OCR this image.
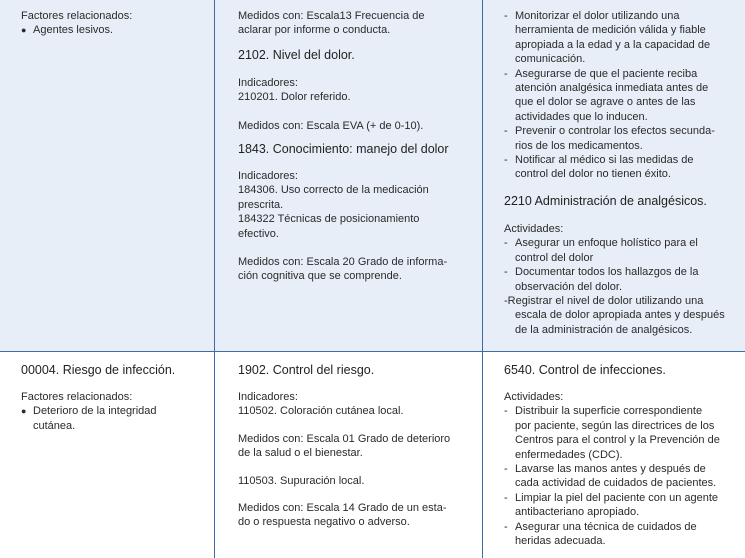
Factores relacionados:

● Agentes lesivos.

Medidos con: Escala13 Frecuencia de
aclarar por informe o conducta.

2102. Nivel del dolor.

Indicadores:

210201. Dolor referido.

Medidos con: Escala EVA (+ de 0-10).

1843. Conocimiento: manejo del dolor

Indicadores:

184306. Uso correcto de la medicación
prescrita.

184322 Técnicas de posicionamiento
efectivo.

Medidos con: Escala 20 Grado de informa-
ción cognitiva que se comprende.

- Monitorizar el dolor utilizando una
herramienta de medición válida y fiable
apropiada a la edad y a la capacidad de
comunicación.

- Asegurarse de que el paciente reciba
atención analgésica inmediata antes de
que el dolor se agrave o antes de las
actividades que lo inducen.

- Prevenir o controlar los efectos secunda-
rios de los medicamentos.

- Notificar al médico si las medidas de
control del dolor no tienen éxito.

2210 Administración de analgésicos.

Actividades:

- Asegurar un enfoque holístico para el
control del dolor

- Documentar todos los hallazgos de la
observación del dolor.

-Registrar el nivel de dolor utilizando una
escala de dolor apropiada antes y después
de la administración de analgésicos.

00004. Riesgo de infección.

Factores relacionados:

● Deterioro de la integridad
cutánea.

1902. Control del riesgo.

Indicadores:

110502. Coloración cutánea local.

Medidos con: Escala 01 Grado de deterioro
de la salud o el bienestar.

110503. Supuración local.

Medidos con: Escala 14 Grado de un esta-
do o respuesta negativo o adverso.

6540. Control de infecciones.

Actividades:

- Distribuir la superficie correspondiente
por paciente, según las directrices de los
Centros para el control y la Prevención de
enfermedades (CDC).

- Lavarse las manos antes y después de
cada actividad de cuidados de pacientes.

- Limpiar la piel del paciente con un agente
antibacteriano apropiado.

- Asegurar una técnica de cuidados de
heridas adecuada.
